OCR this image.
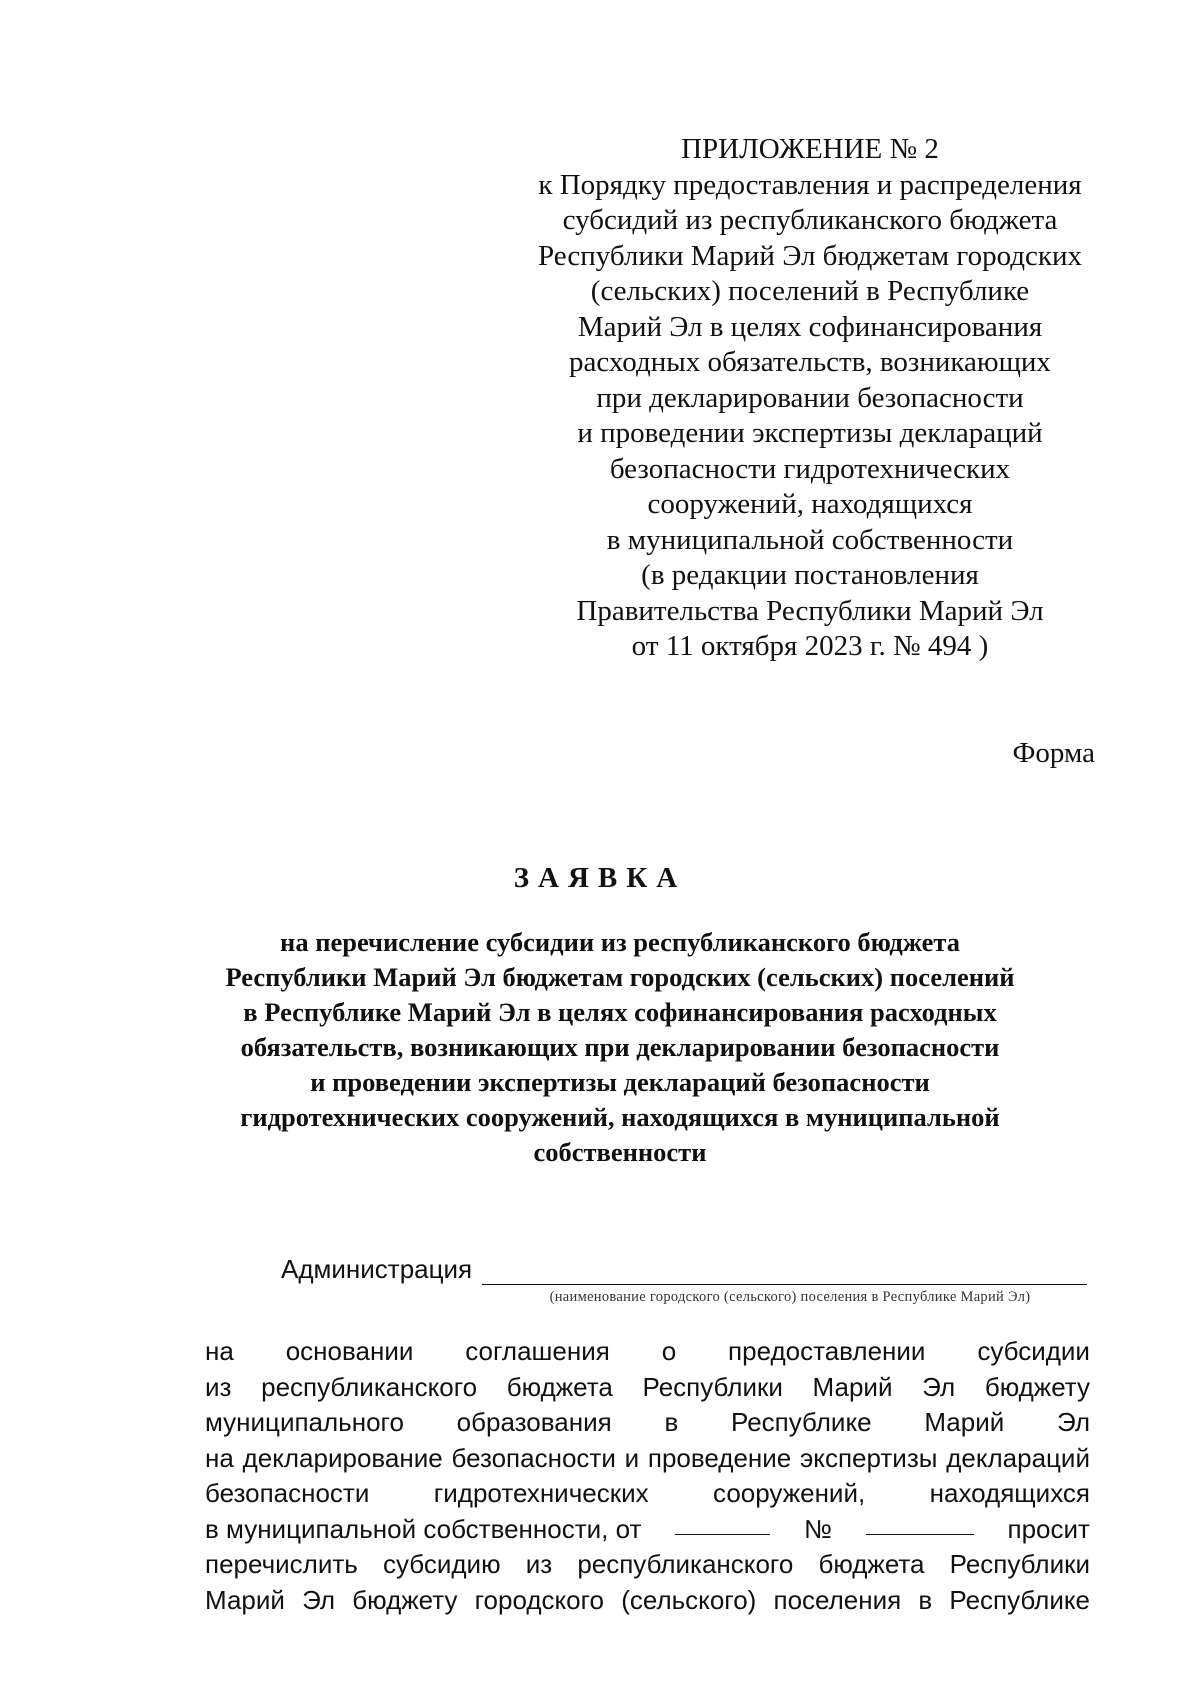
ПРИЛОЖЕНИЕ № 2
к Порядку предоставления и распределения
субсидий из республиканского бюджета
Республики Марий Эл бюджетам городских
(сельских) поселений в Республике
Марий Эл в целях софинансирования
расходных обязательств, возникающих
при декларировании безопасности
и проведении экспертизы деклараций
безопасности гидротехнических
сооружений, находящихся
в муниципальной собственности
(в редакции постановления
Правительства Республики Марий Эл
от 11 октября 2023 г. № 494 )
Форма
ЗАЯВКА
на перечисление субсидии из республиканского бюджета
Республики Марий Эл бюджетам городских (сельских) поселений
в Республике Марий Эл в целях софинансирования расходных
обязательств, возникающих при декларировании безопасности
и проведении экспертизы деклараций безопасности
гидротехнических сооружений, находящихся в муниципальной
собственности
Администрация
(наименование городского (сельского) поселения в Республике Марий Эл)
на основании соглашения о предоставлении субсидии
из республиканского бюджета Республики Марий Эл бюджету
муниципального образования в Республике Марий Эл
на декларирование безопасности и проведение экспертизы деклараций
безопасности гидротехнических сооружений, находящихся
в муниципальной собственности, от	№	просит
перечислить субсидию из республиканского бюджета Республики
Марий Эл бюджету городского (сельского) поселения в Республике
